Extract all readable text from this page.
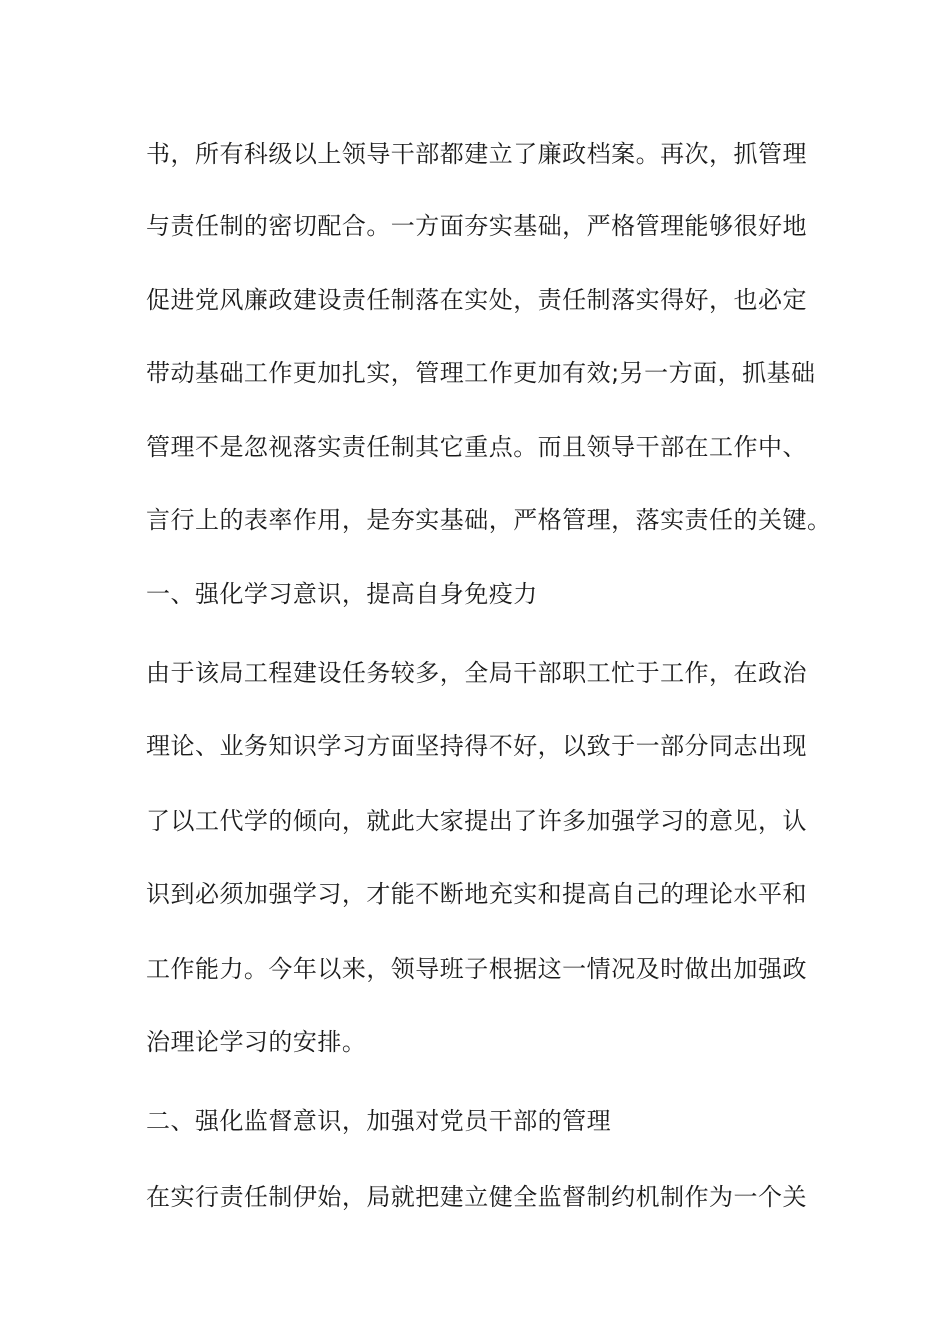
书，所有科级以上领导干部都建立了廉政档案。再次，抓管理
与责任制的密切配合。一方面夯实基础，严格管理能够很好地
促进党风廉政建设责任制落在实处，责任制落实得好，也必定
带动基础工作更加扎实，管理工作更加有效;另一方面，抓基础
管理不是忽视落实责任制其它重点。而且领导干部在工作中、
言行上的表率作用，是夯实基础，严格管理，落实责任的关键。
一、强化学习意识，提高自身免疫力
由于该局工程建设任务较多，全局干部职工忙于工作，在政治
理论、业务知识学习方面坚持得不好，以致于一部分同志出现
了以工代学的倾向，就此大家提出了许多加强学习的意见，认
识到必须加强学习，才能不断地充实和提高自己的理论水平和
工作能力。今年以来，领导班子根据这一情况及时做出加强政
治理论学习的安排。
二、强化监督意识，加强对党员干部的管理
在实行责任制伊始，局就把建立健全监督制约机制作为一个关
